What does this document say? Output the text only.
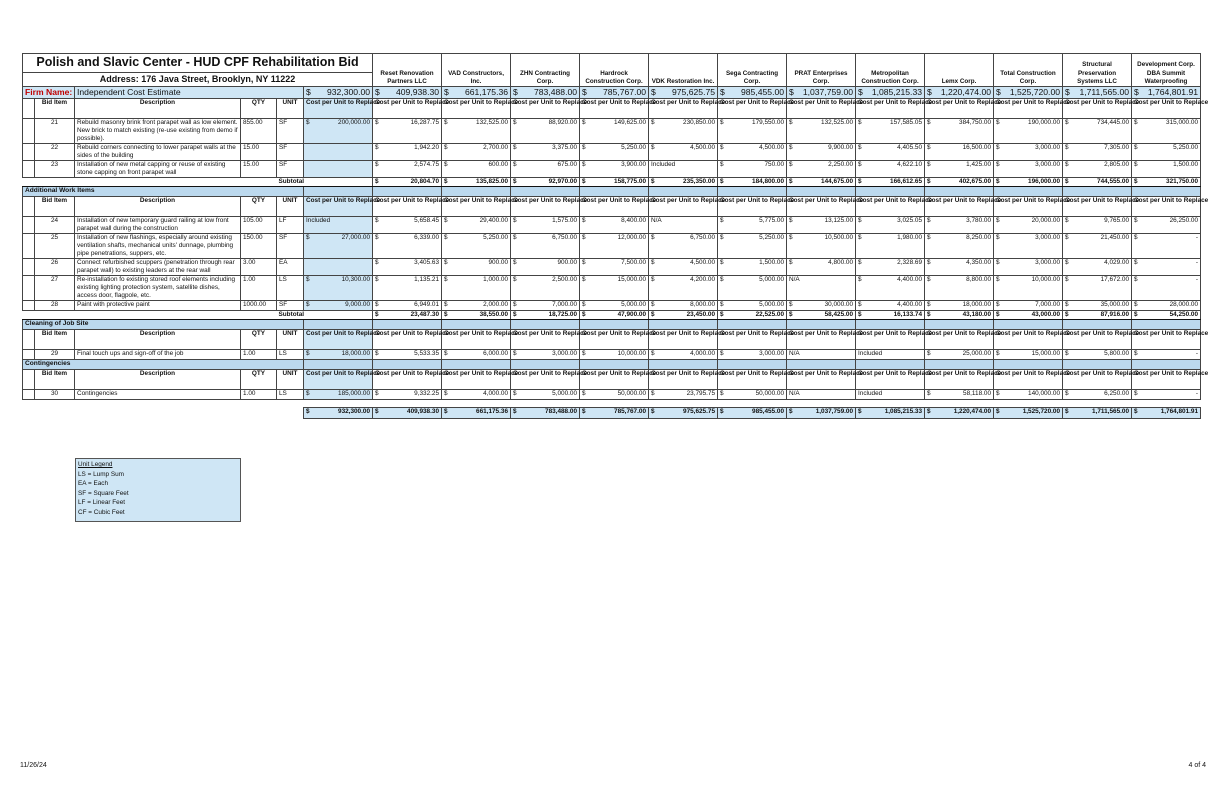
Polish and Slavic Center - HUD CPF Rehabilitation Bid						Reset Renovation Partners LLC	VAD Constructors, Inc.	ZHN Contracting Corp.	Hardrock Construction Corp.	VDK Restoration Inc.	Sega Contracting Corp.	PRAT Enterprises Corp.	Metropolitan Construction Corp.	Lemx Corp.	Total Construction Corp.	Structural Preservation Systems LLC	Development Corp. DBA Summit Waterproofing
Address: 176 Java Street, Brooklyn, NY 11222																	
Firm Name:		Independent Cost Estimate			$ 932,300.00	$ 409,938.30	$ 661,175.36	$ 783,488.00	$ 785,767.00	$ 975,625.75	$ 985,455.00	$ 1,037,759.00	$ 1,085,215.33	$ 1,220,474.00	$ 1,525,720.00	$ 1,711,565.00	$ 1,764,801.91

	Bid Item	Description	QTY	UNIT	Cost per Unit to Replace	Cost per Unit to Replace	Cost per Unit to Replace	Cost per Unit to Replace	Cost per Unit to Replace	Cost per Unit to Replace	Cost per Unit to Replace	Cost per Unit to Replace	Cost per Unit to Replace	Cost per Unit to Replace	Cost per Unit to Replace	Cost per Unit to Replace	Cost per Unit to Replace
	21	Rebuild masonry brink front parapet wall as low element. New brick to match existing (re-use existing from demo if possible).	855.00	SF	$ 200,000.00	$ 16,287.75	$ 132,525.00	$ 88,920.00	$ 149,625.00	$ 230,850.00	$ 179,550.00	$ 132,525.00	$ 157,585.05	$ 384,750.00	$ 190,000.00	$ 734,445.00	$ 315,000.00

	22	Rebuild corners connecting to lower parapet walls at the sides of the building	15.00	SF		$ 1,942.20	$ 2,700.00	$ 3,375.00	$ 5,250.00	$ 4,500.00	$ 4,500.00	$ 9,900.00	$ 4,405.50	$ 16,500.00	$ 3,000.00	$ 7,305.00	$ 5,250.00

	23	Installation of new metal capping or reuse of existing stone capping on front parapet wall	15.00	SF		$ 2,574.75	$ 600.00	$ 675.00	$ 3,900.00	Included	$ 750.00	$ 2,250.00	$ 4,622.10	$ 1,425.00	$ 3,000.00	$ 2,805.00	$ 1,500.00

				Subtotal		$ 20,804.70	$ 135,825.00	$ 92,970.00	$ 158,775.00	$ 235,350.00	$ 184,800.00	$ 144,675.00	$ 166,612.65	$ 402,675.00	$ 196,000.00	$ 744,555.00	$ 321,750.00

Additional Work Items																	
	Bid Item	Description	QTY	UNIT	Cost per Unit to Replace	Cost per Unit to Replace	Cost per Unit to Replace	Cost per Unit to Replace	Cost per Unit to Replace	Cost per Unit to Replace	Cost per Unit to Replace	Cost per Unit to Replace	Cost per Unit to Replace	Cost per Unit to Replace	Cost per Unit to Replace	Cost per Unit to Replace	Cost per Unit to Replace
	24	Installation of new temporary guard railing at low front parapet wall during the construction	105.00	LF	Included	$ 5,658.45	$ 29,400.00	$ 1,575.00	$ 8,400.00	N/A	$ 5,775.00	$ 13,125.00	$ 3,025.05	$ 3,780.00	$ 20,000.00	$ 9,765.00	$ 26,250.00

	25	Installation of new flashings, especially around existing ventilation shafts, mechanical units' dunnage, plumbing pipe penetrations, suppers, etc.	150.00	SF	$ 27,000.00	$ 6,339.00	$ 5,250.00	$ 6,750.00	$ 12,000.00	$ 6,750.00	$ 5,250.00	$ 10,500.00	$ 1,980.00	$ 8,250.00	$ 3,000.00	$ 21,450.00	$ -

	26	Connect refurbished scuppers (penetration through rear parapet wall) to existing leaders at the rear wall	3.00	EA		$ 3,405.63	$ 900.00	$ 900.00	$ 7,500.00	$ 4,500.00	$ 1,500.00	$ 4,800.00	$ 2,328.69	$ 4,350.00	$ 3,000.00	$ 4,029.00	$ -

	27	Re-installation fo existing stored roof elements including existing lighting protection system, satellite dishes, access door, flagpole, etc.	1.00	LS	$ 10,300.00	$ 1,135.21	$ 1,000.00	$ 2,500.00	$ 15,000.00	$ 4,200.00	$ 5,000.00	N/A	$ 4,400.00	$ 8,800.00	$ 10,000.00	$ 17,672.00	$ -

	28	Paint with protective paint	1000.00	SF	$ 9,000.00	$ 6,949.01	$ 2,000.00	$ 7,000.00	$ 5,000.00	$ 8,000.00	$ 5,000.00	$ 30,000.00	$ 4,400.00	$ 18,000.00	$ 7,000.00	$ 35,000.00	$ 28,000.00

				Subtotal		$ 23,487.30	$ 38,550.00	$ 18,725.00	$ 47,900.00	$ 23,450.00	$ 22,525.00	$ 58,425.00	$ 16,133.74	$ 43,180.00	$ 43,000.00	$ 87,916.00	$ 54,250.00

Cleaning of Job Site																	
	Bid Item	Description	QTY	UNIT	Cost per Unit to Replace	Cost per Unit to Replace	Cost per Unit to Replace	Cost per Unit to Replace	Cost per Unit to Replace	Cost per Unit to Replace	Cost per Unit to Replace	Cost per Unit to Replace	Cost per Unit to Replace	Cost per Unit to Replace	Cost per Unit to Replace	Cost per Unit to Replace	Cost per Unit to Replace
	29	Final touch ups and sign-off of the job	1.00	LS	$ 18,000.00	$ 5,533.35	$ 6,000.00	$ 3,000.00	$ 10,000.00	$ 4,000.00	$ 3,000.00	N/A	Included	$ 25,000.00	$ 15,000.00	$ 5,800.00	$ -

Contingencies																	
	Bid Item	Description	QTY	UNIT	Cost per Unit to Replace	Cost per Unit to Replace	Cost per Unit to Replace	Cost per Unit to Replace	Cost per Unit to Replace	Cost per Unit to Replace	Cost per Unit to Replace	Cost per Unit to Replace	Cost per Unit to Replace	Cost per Unit to Replace	Cost per Unit to Replace	Cost per Unit to Replace	Cost per Unit to Replace
	30	Contingencies	1.00	LS	$ 185,000.00	$ 9,332.25	$ 4,000.00	$ 5,000.00	$ 50,000.00	$ 23,795.75	$ 50,000.00	N/A	Included	$ 58,118.00	$ 140,000.00	$ 6,250.00	$ -

					$ 932,300.00	$ 409,938.30	$ 661,175.36	$ 783,488.00	$ 785,767.00	$ 975,625.75	$ 985,455.00	$ 1,037,759.00	$ 1,085,215.33	$ 1,220,474.00	$ 1,525,720.00	$ 1,711,565.00	$ 1,764,801.91
Unit Legend
LS = Lump Sum
EA = Each
SF = Square Feet
LF = Linear Feet
CF = Cubic Feet
11/26/24	4 of 4
